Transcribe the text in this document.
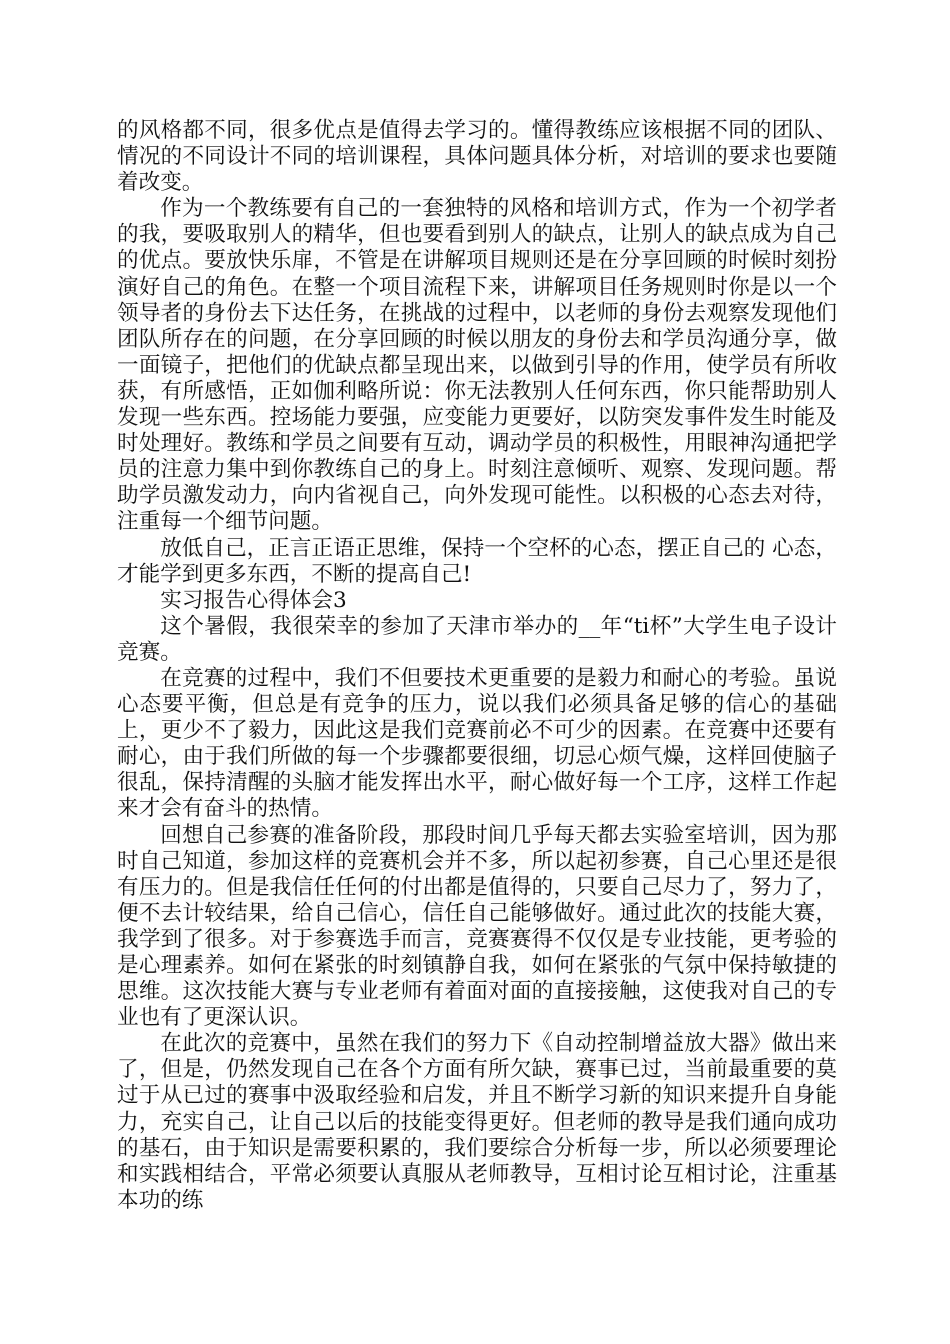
的风格都不同，很多优点是值得去学习的。懂得教练应该根据不同的团队、情况的不同设计不同的培训课程，具体问题具体分析，对培训的要求也要随着改变。

作为一个教练要有自己的一套独特的风格和培训方式，作为一个初学者的我，要吸取别人的精华，但也要看到别人的缺点，让别人的缺点成为自己的优点。要放快乐扉，不管是在讲解项目规则还是在分享回顾的时候时刻扮演好自己的角色。在整一个项目流程下来，讲解项目任务规则时你是以一个领导者的身份去下达任务，在挑战的过程中，以老师的身份去观察发现他们团队所存在的问题，在分享回顾的时候以朋友的身份去和学员沟通分享，做一面镜子，把他们的优缺点都呈现出来，以做到引导的作用，使学员有所收获，有所感悟，正如伽利略所说：你无法教别人任何东西，你只能帮助别人发现一些东西。控场能力要强，应变能力更要好，以防突发事件发生时能及时处理好。教练和学员之间要有互动，调动学员的积极性，用眼神沟通把学员的注意力集中到你教练自己的身上。时刻注意倾听、观察、发现问题。帮助学员激发动力，向内省视自己，向外发现可能性。以积极的心态去对待，注重每一个细节问题。

放低自己，正言正语正思维，保持一个空杯的心态，摆正自己的 心态，才能学到更多东西，不断的提高自己!

实习报告心得体会3

这个暑假，我很荣幸的参加了天津市举办的__年“ti杯”大学生电子设计竞赛。

在竞赛的过程中，我们不但要技术更重要的是毅力和耐心的考验。虽说心态要平衡，但总是有竞争的压力，说以我们必须具备足够的信心的基础上，更少不了毅力，因此这是我们竞赛前必不可少的因素。在竞赛中还要有耐心，由于我们所做的每一个步骤都要很细，切忌心烦气燥，这样回使脑子很乱，保持清醒的头脑才能发挥出水平，耐心做好每一个工序，这样工作起来才会有奋斗的热情。

回想自己参赛的准备阶段，那段时间几乎每天都去实验室培训，因为那时自己知道，参加这样的竞赛机会并不多，所以起初参赛，自己心里还是很有压力的。但是我信任任何的付出都是值得的，只要自己尽力了，努力了，便不去计较结果，给自己信心，信任自己能够做好。通过此次的技能大赛，我学到了很多。对于参赛选手而言，竞赛赛得不仅仅是专业技能，更考验的是心理素养。如何在紧张的时刻镇静自我，如何在紧张的气氛中保持敏捷的思维。这次技能大赛与专业老师有着面对面的直接接触，这使我对自己的专业也有了更深认识。

在此次的竞赛中，虽然在我们的努力下《自动控制增益放大器》做出来了，但是，仍然发现自己在各个方面有所欠缺，赛事已过，当前最重要的莫过于从已过的赛事中汲取经验和启发，并且不断学习新的知识来提升自身能力，充实自己，让自己以后的技能变得更好。但老师的教导是我们通向成功的基石，由于知识是需要积累的，我们要综合分析每一步，所以必须要理论和实践相结合，平常必须要认真服从老师教导，互相讨论互相讨论，注重基本功的练
